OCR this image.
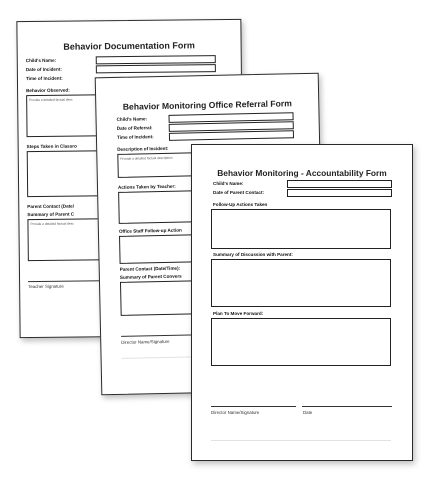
Behavior Documentation Form
Child's Name:
Date of Incident:
Time of Incident:
Behavior Observed:
Provide a detailed factual desc
Steps Taken in Classro
Parent Contact (Date/
Summary of Parent C
Provide a detailed factual desc
Teacher Signature
Behavior Monitoring Office Referral Form
Child's Name:
Date of Referral:
Time of Incident:
Description of Incident:
Provide a detailed factual description
Actions Taken by Teacher:
Office Staff Follow-up Action
Parent Contact (Date/Time):
Summary of Parent Convers
Director Name/Signature
Behavior Monitoring - Accountability Form
Child's Name:
Date of Parent Contact:
Follow-Up Actions Taken
Summary of Discussion with Parent:
Plan To Move Forward:
Director Name/Signature	Date
